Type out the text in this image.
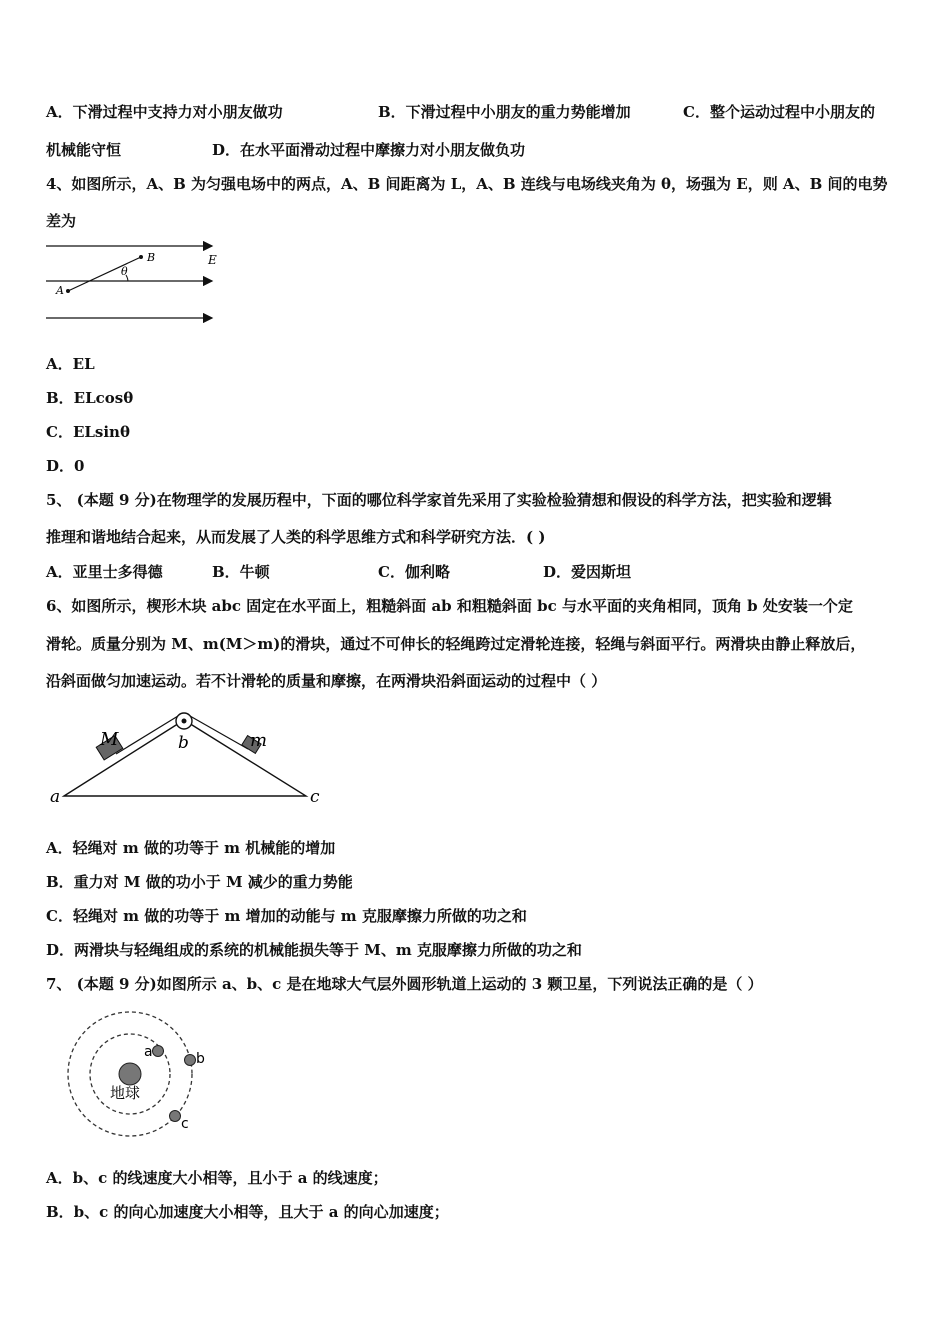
A．下滑过程中支持力对小朋友做功	B．下滑过程中小朋友的重力势能增加	C．整个运动过程中小朋友的
机械能守恒	D．在水平面滑动过程中摩擦力对小朋友做负功
4、如图所示，A、B 为匀强电场中的两点，A、B 间距离为 L，A、B 连线与电场线夹角为 θ，场强为 E，则 A、B 间的电势
差为
A
B
θ
E
A．EL
B．ELcosθ
C．ELsinθ
D．0
5、 (本题 9 分)在物理学的发展历程中，下面的哪位科学家首先采用了实验检验猜想和假设的科学方法，把实验和逻辑
推理和谐地结合起来，从而发展了人类的科学思维方式和科学研究方法．( )
A．亚里士多得德	B．牛顿	C．伽利略	D．爱因斯坦
6、如图所示，楔形木块 abc 固定在水平面上，粗糙斜面 ab 和粗糙斜面 bc 与水平面的夹角相同，顶角 b 处安装一个定
滑轮。质量分别为 M、m(M＞m)的滑块，通过不可伸长的轻绳跨过定滑轮连接，轻绳与斜面平行。两滑块由静止释放后，
沿斜面做匀加速运动。若不计滑轮的质量和摩擦，在两滑块沿斜面运动的过程中（ ）
M	m
a
b
c
A．轻绳对 m 做的功等于 m 机械能的增加
B．重力对 M 做的功小于 M 减少的重力势能
C．轻绳对 m 做的功等于 m 增加的动能与 m 克服摩擦力所做的功之和
D．两滑块与轻绳组成的系统的机械能损失等于 M、m 克服摩擦力所做的功之和
7、 (本题 9 分)如图所示 a、b、c 是在地球大气层外圆形轨道上运动的 3 颗卫星，下列说法正确的是（ ）
地球
a	b
c
A．b、c 的线速度大小相等，且小于 a 的线速度；
B．b、c 的向心加速度大小相等，且大于 a 的向心加速度；
